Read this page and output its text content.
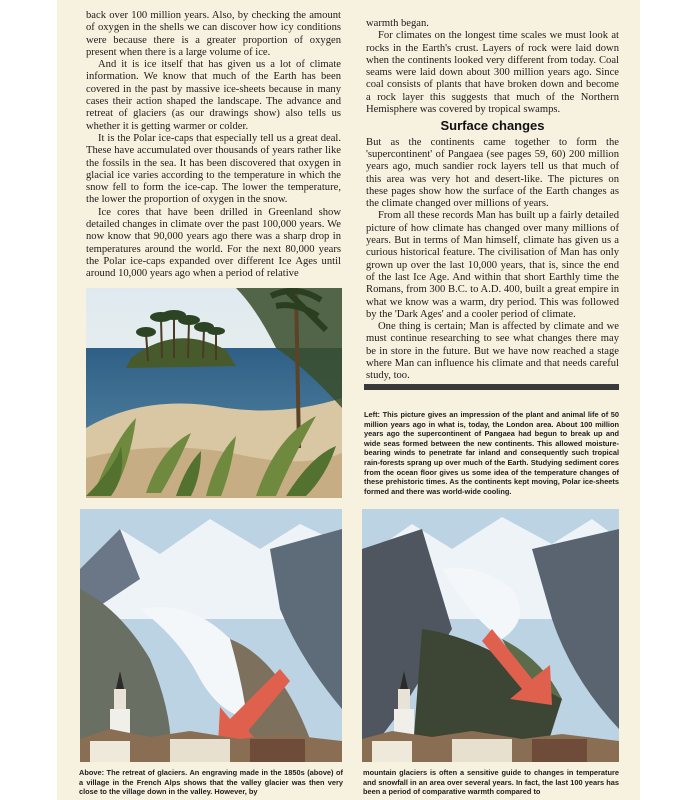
back over 100 million years. Also, by checking the amount of oxygen in the shells we can discover how icy conditions were because there is a greater proportion of oxygen present when there is a large volume of ice.

And it is ice itself that has given us a lot of climate information. We know that much of the Earth has been covered in the past by massive ice-sheets because in many cases their action shaped the landscape. The advance and retreat of glaciers (as our drawings show) also tells us whether it is getting warmer or colder.

It is the Polar ice-caps that especially tell us a great deal. These have accumulated over thousands of years rather like the fossils in the sea. It has been discovered that oxygen in glacial ice varies according to the temperature in which the snow fell to form the ice-cap. The lower the temperature, the lower the proportion of oxygen in the snow.

Ice cores that have been drilled in Greenland show detailed changes in climate over the past 100,000 years. We now know that 90,000 years ago there was a sharp drop in temperatures around the world. For the next 80,000 years the Polar ice-caps expanded over different Ice Ages until around 10,000 years ago when a period of relative

warmth began.

For climates on the longest time scales we must look at rocks in the Earth's crust. Layers of rock were laid down when the continents looked very different from today. Coal seams were laid down about 300 million years ago. Since coal consists of plants that have broken down and become a rock layer this suggests that much of the Northern Hemisphere was covered by tropical swamps.

Surface changes

But as the continents came together to form the 'supercontinent' of Pangaea (see pages 59, 60) 200 million years ago, much sandier rock layers tell us that much of this area was very hot and desert-like. The pictures on these pages show how the surface of the Earth changes as the climate changed over millions of years.

From all these records Man has built up a fairly detailed picture of how climate has changed over many millions of years. But in terms of Man himself, climate has given us a curious historical feature. The civilisation of Man has only grown up over the last 10,000 years, that is, since the end of the last Ice Age. And within that short Earthly time the Romans, from 300 B.C. to A.D. 400, built a great empire in what we know was a warm, dry period. This was followed by the 'Dark Ages' and a cooler period of climate.

One thing is certain; Man is affected by climate and we must continue researching to see what changes there may be in store in the future. But we have now reached a stage where Man can influence his climate and that needs careful study, too.

Left: This picture gives an impression of the plant and animal life of 50 million years ago in what is, today, the London area. About 100 million years ago the supercontinent of Pangaea had begun to break up and wide seas formed between the new continents. This allowed moisture-bearing winds to penetrate far inland and consequently such tropical rain-forests sprang up over much of the Earth. Studying sediment cores from the ocean floor gives us some idea of the temperature changes of these prehistoric times. As the continents kept moving, Polar ice-sheets formed and there was world-wide cooling.
Above: The retreat of glaciers. An engraving made in the 1850s (above) of a village in the French Alps shows that the valley glacier was then very close to the village down in the valley. However, by
mountain glaciers is often a sensitive guide to changes in temperature and snowfall in an area over several years. In fact, the last 100 years has been a period of comparative warmth compared to
